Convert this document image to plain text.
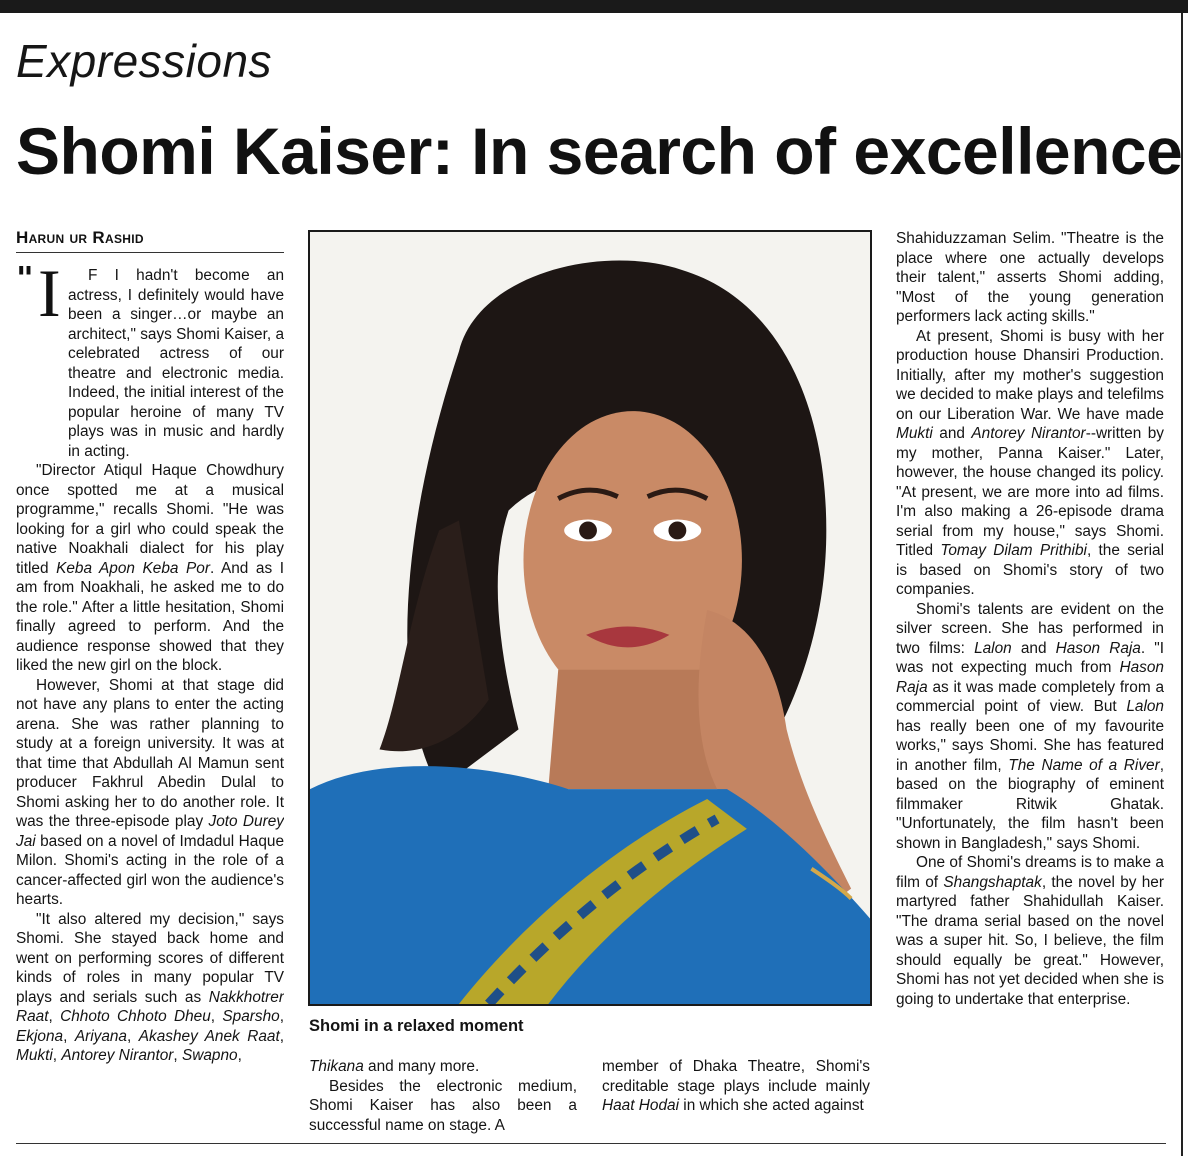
Expressions
Shomi Kaiser: In search of excellence
Harun ur Rashid
" I	F I hadn't become an actress, I definitely would have been a singer…or maybe an architect," says Shomi Kaiser, a celebrated actress of our theatre and electronic media. Indeed, the initial interest of the popular heroine of many TV plays was in music and hardly in acting.

"Director Atiqul Haque Chowdhury once spotted me at a musical programme," recalls Shomi. "He was looking for a girl who could speak the native Noakhali dialect for his play titled Keba Apon Keba Por. And as I am from Noakhali, he asked me to do the role." After a little hesitation, Shomi finally agreed to perform. And the audience response showed that they liked the new girl on the block.

However, Shomi at that stage did not have any plans to enter the acting arena. She was rather planning to study at a foreign university. It was at that time that Abdullah Al Mamun sent producer Fakhrul Abedin Dulal to Shomi asking her to do another role. It was the three-episode play Joto Durey Jai based on a novel of Imdadul Haque Milon. Shomi's acting in the role of a cancer-affected girl won the audience's hearts.

"It also altered my decision," says Shomi. She stayed back home and went on performing scores of different kinds of roles in many popular TV plays and serials such as Nakkhotrer Raat, Chhoto Chhoto Dheu, Sparsho, Ekjona, Ariyana, Akashey Anek Raat, Mukti, Antorey Nirantor, Swapno,

Shomi in a relaxed moment

Thikana and many more.

Besides the electronic medium, Shomi Kaiser has also been a successful name on stage. A

member of Dhaka Theatre, Shomi's creditable stage plays include mainly Haat Hodai in which she acted against

Shahiduzzaman Selim. "Theatre is the place where one actually develops their talent," asserts Shomi adding, "Most of the young generation performers lack acting skills."

At present, Shomi is busy with her production house Dhansiri Production. Initially, after my mother's suggestion we decided to make plays and telefilms on our Liberation War. We have made Mukti and Antorey Nirantor--written by my mother, Panna Kaiser." Later, however, the house changed its policy. "At present, we are more into ad films. I'm also making a 26-episode drama serial from my house," says Shomi. Titled Tomay Dilam Prithibi, the serial is based on Shomi's story of two companies.

Shomi's talents are evident on the silver screen. She has performed in two films: Lalon and Hason Raja. "I was not expecting much from Hason Raja as it was made completely from a commercial point of view. But Lalon has really been one of my favourite works," says Shomi. She has featured in another film, The Name of a River, based on the biography of eminent filmmaker Ritwik Ghatak. "Unfortunately, the film hasn't been shown in Bangladesh," says Shomi.

One of Shomi's dreams is to make a film of Shangshaptak, the novel by her martyred father Shahidullah Kaiser. "The drama serial based on the novel was a super hit. So, I believe, the film should equally be great." However, Shomi has not yet decided when she is going to undertake that enterprise.
